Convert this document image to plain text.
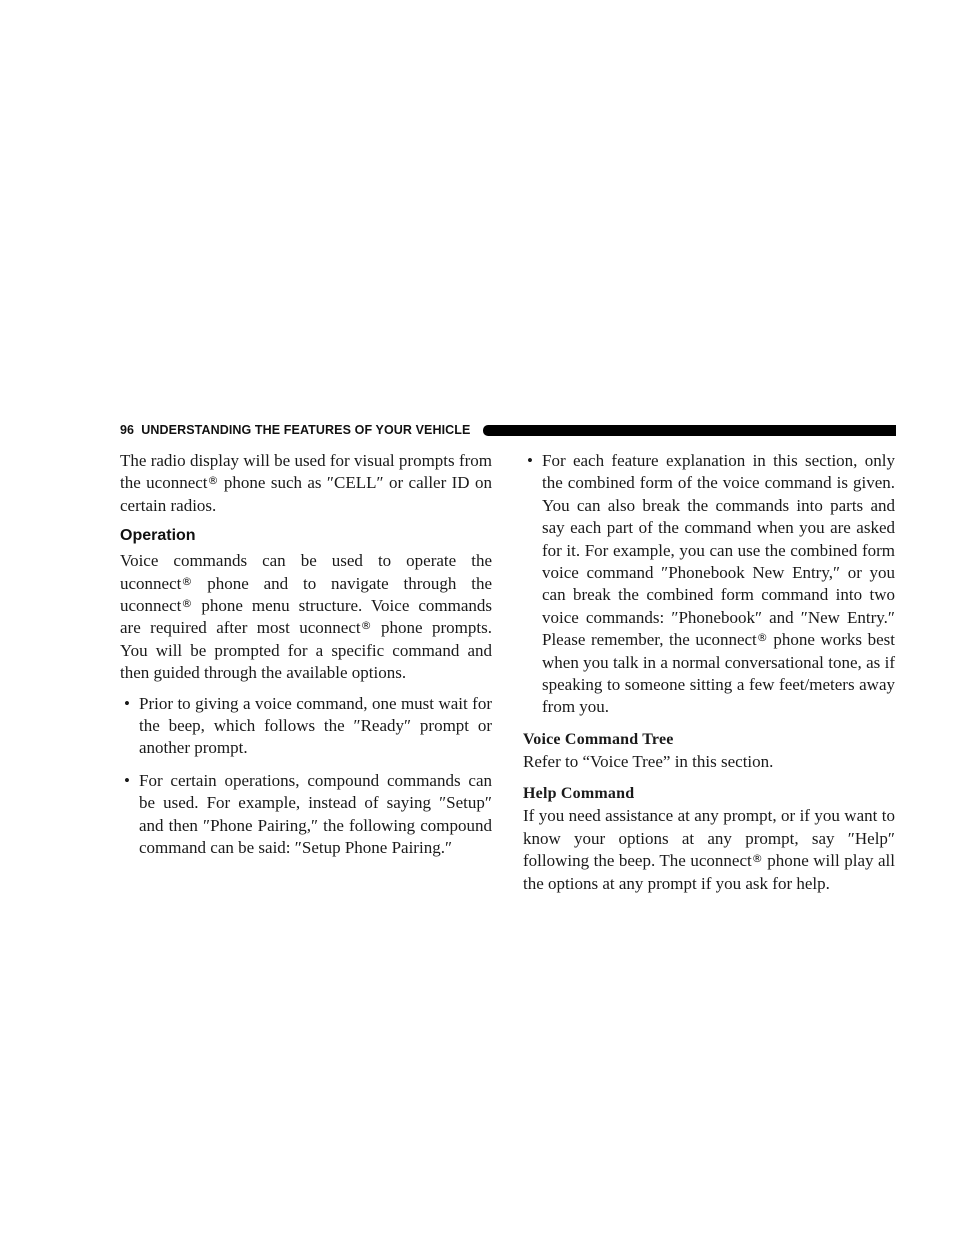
96 UNDERSTANDING THE FEATURES OF YOUR VEHICLE

The radio display will be used for visual prompts from the uconnect® phone such as ″CELL″ or caller ID on certain radios.

Operation

Voice commands can be used to operate the uconnect® phone and to navigate through the uconnect® phone menu structure. Voice commands are required after most uconnect® phone prompts. You will be prompted for a specific command and then guided through the available options.

• Prior to giving a voice command, one must wait for the beep, which follows the ″Ready″ prompt or another prompt.
• For certain operations, compound commands can be used. For example, instead of saying ″Setup″ and then ″Phone Pairing,″ the following compound command can be said: ″Setup Phone Pairing.″
• For each feature explanation in this section, only the combined form of the voice command is given. You can also break the commands into parts and say each part of the command when you are asked for it. For example, you can use the combined form voice command ″Phonebook New Entry,″ or you can break the combined form command into two voice commands: ″Phonebook″ and ″New Entry.″ Please remember, the uconnect® phone works best when you talk in a normal conversational tone, as if speaking to someone sitting a few feet/meters away from you.
Voice Command Tree

Refer to “Voice Tree” in this section.

Help Command

If you need assistance at any prompt, or if you want to know your options at any prompt, say ″Help″ following the beep. The uconnect® phone will play all the options at any prompt if you ask for help.
